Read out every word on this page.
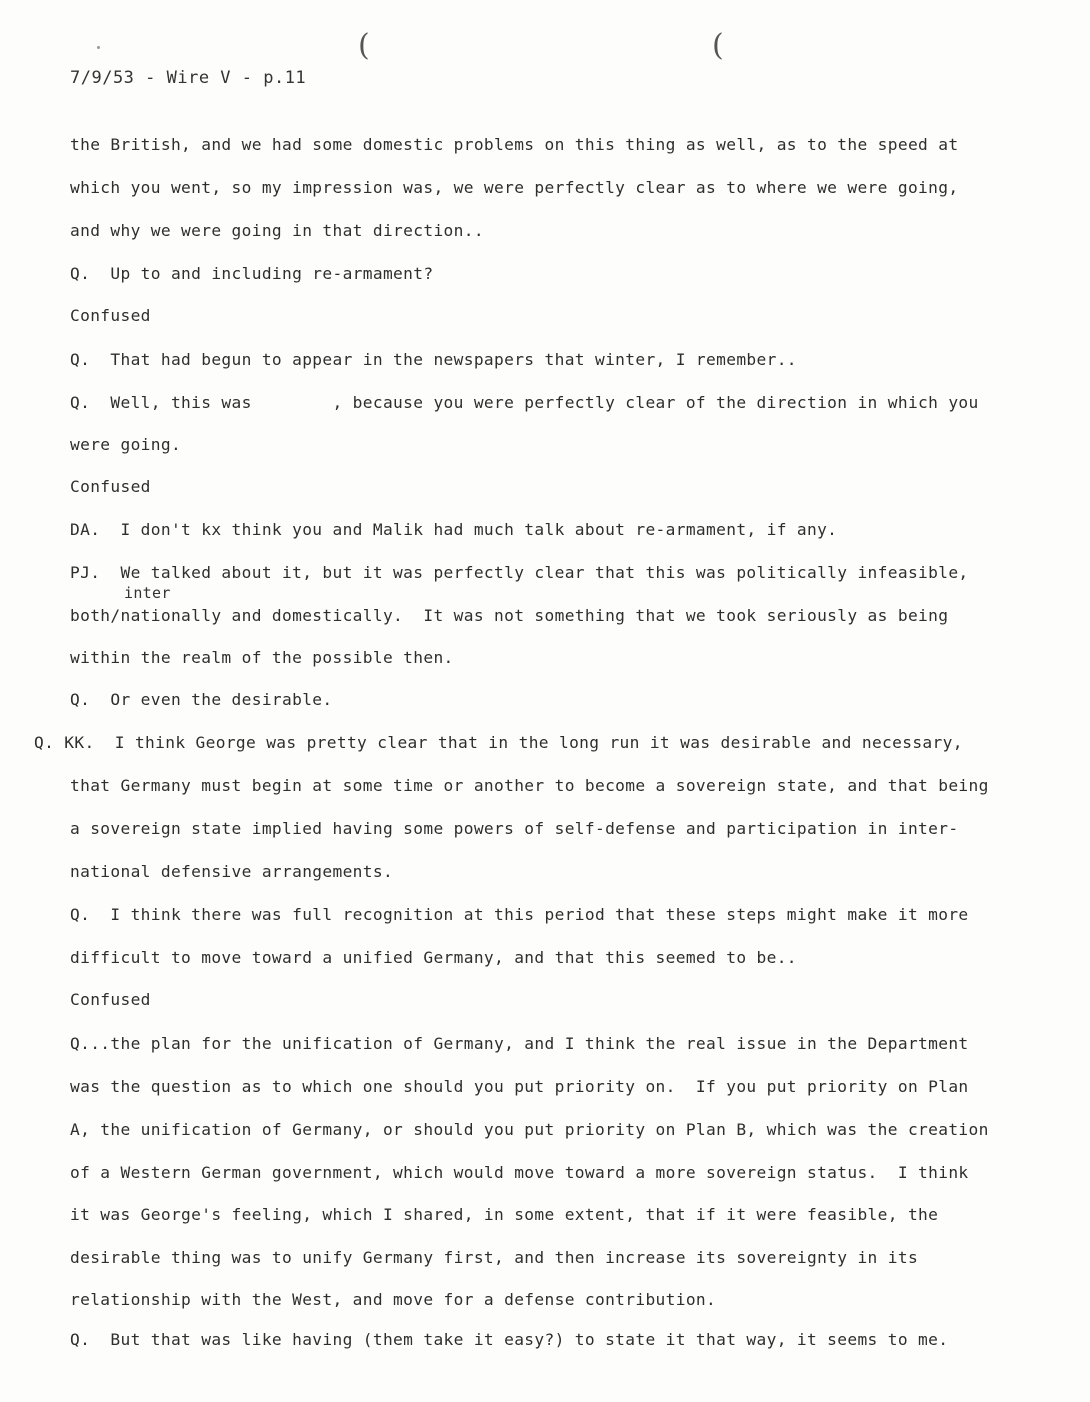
(	(
7/9/53 - Wire V - p.11
the British, and we had some domestic problems on this thing as well, as to the speed at
which you went, so my impression was, we were perfectly clear as to where we were going,
and why we were going in that direction..
Q.  Up to and including re-armament?
Confused
Q.  That had begun to appear in the newspapers that winter, I remember..
Q.  Well, this was        , because you were perfectly clear of the direction in which you
were going.
Confused
DA.  I don't kx think you and Malik had much talk about re-armament, if any.
PJ.  We talked about it, but it was perfectly clear that this was politically infeasible,
inter
both/nationally and domestically.  It was not something that we took seriously as being
within the realm of the possible then.
Q.  Or even the desirable.
Q. KK.  I think George was pretty clear that in the long run it was desirable and necessary,
that Germany must begin at some time or another to become a sovereign state, and that being
a sovereign state implied having some powers of self-defense and participation in inter-
national defensive arrangements.
Q.  I think there was full recognition at this period that these steps might make it more
difficult to move toward a unified Germany, and that this seemed to be..
Confused
Q...the plan for the unification of Germany, and I think the real issue in the Department
was the question as to which one should you put priority on.  If you put priority on Plan
A, the unification of Germany, or should you put priority on Plan B, which was the creation
of a Western German government, which would move toward a more sovereign status.  I think
it was George's feeling, which I shared, in some extent, that if it were feasible, the
desirable thing was to unify Germany first, and then increase its sovereignty in its
relationship with the West, and move for a defense contribution.
Q.  But that was like having (them take it easy?) to state it that way, it seems to me.
